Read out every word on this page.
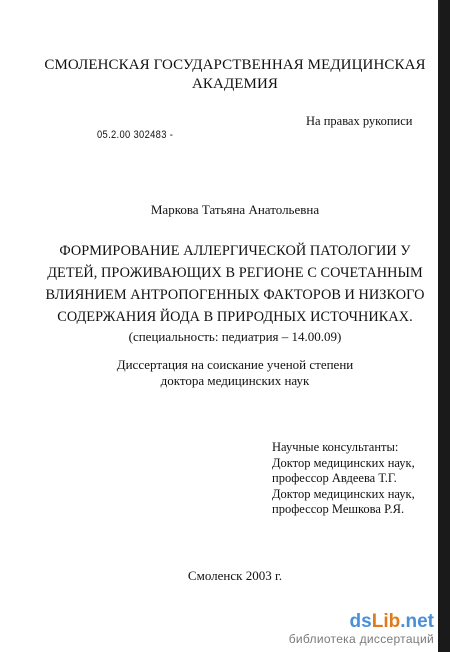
СМОЛЕНСКАЯ ГОСУДАРСТВЕННАЯ МЕДИЦИНСКАЯ
АКАДЕМИЯ
На правах рукописи
05.2.00 302483 -
Маркова Татьяна Анатольевна
ФОРМИРОВАНИЕ АЛЛЕРГИЧЕСКОЙ ПАТОЛОГИИ У
ДЕТЕЙ, ПРОЖИВАЮЩИХ В РЕГИОНЕ С СОЧЕТАННЫМ
ВЛИЯНИЕМ АНТРОПОГЕННЫХ ФАКТОРОВ И НИЗКОГО
СОДЕРЖАНИЯ ЙОДА В ПРИРОДНЫХ ИСТОЧНИКАХ.
(специальность: педиатрия – 14.00.09)
Диссертация на соискание ученой степени
доктора медицинских наук
Научные консультанты:
Доктор медицинских наук,
профессор Авдеева Т.Г.
Доктор медицинских наук,
профессор Мешкова Р.Я.
Смоленск 2003 г.
dsLib.net
библиотека диссертаций
